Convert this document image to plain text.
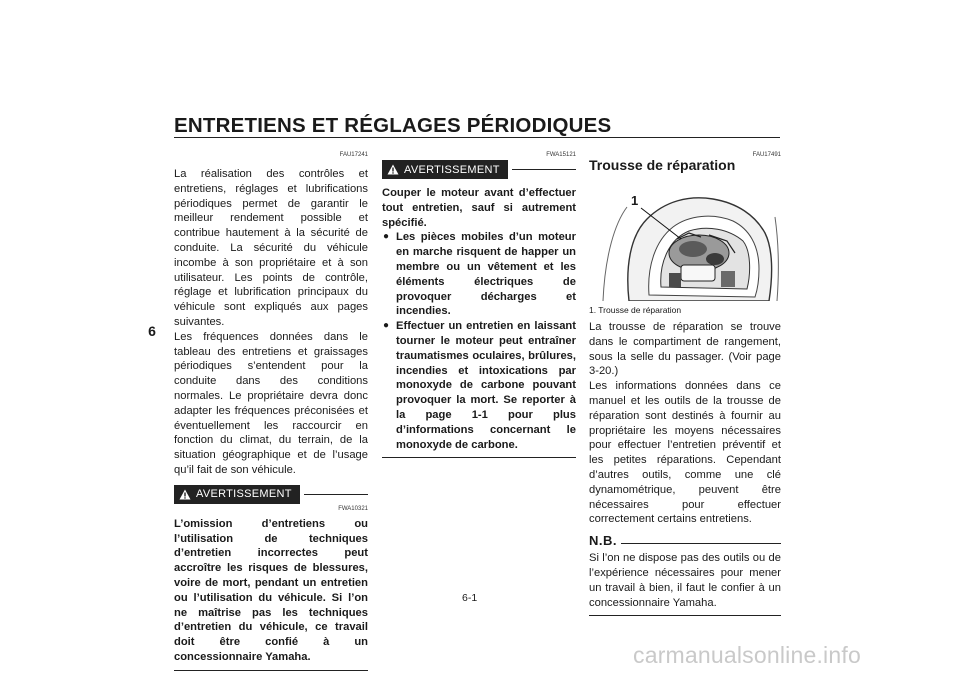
ENTRETIENS ET RÉGLAGES PÉRIODIQUES
6
FAU17241
La réalisation des contrôles et entretiens, réglages et lubrifications périodiques permet de garantir le meilleur rendement possible et contribue hautement à la sécurité de conduite. La sécurité du véhicule incombe à son propriétaire et à son utilisateur. Les points de contrôle, réglage et lubrification principaux du véhicule sont expliqués aux pages suivantes.
Les fréquences données dans le tableau des entretiens et graissages périodiques s’entendent pour la conduite dans des conditions normales. Le propriétaire devra donc adapter les fréquences préconisées et éventuellement les raccourcir en fonction du climat, du terrain, de la situation géographique et de l’usage qu’il fait de son véhicule.
AVERTISSEMENT
FWA10321
L’omission d’entretiens ou l’utilisation de techniques d’entretien incorrectes peut accroître les risques de blessures, voire de mort, pendant un entretien ou l’utilisation du véhicule. Si l’on ne maîtrise pas les techniques d’entretien du véhicule, ce travail doit être confié à un concessionnaire Yamaha.
FWA15121
AVERTISSEMENT
Couper le moteur avant d’effectuer tout entretien, sauf si autrement spécifié.
● Les pièces mobiles d’un moteur en marche risquent de happer un membre ou un vêtement et les éléments électriques de provoquer décharges et incendies.
● Effectuer un entretien en laissant tourner le moteur peut entraîner traumatismes oculaires, brûlures, incendies et intoxications par monoxyde de carbone pouvant provoquer la mort. Se reporter à la page 1-1 pour plus d’informations concernant le monoxyde de carbone.
FAU17491
Trousse de réparation
1
1. Trousse de réparation
La trousse de réparation se trouve dans le compartiment de rangement, sous la selle du passager. (Voir page 3-20.)
Les informations données dans ce manuel et les outils de la trousse de réparation sont destinés à fournir au propriétaire les moyens nécessaires pour effectuer l’entretien préventif et les petites réparations. Cependant d’autres outils, comme une clé dynamométrique, peuvent être nécessaires pour effectuer correctement certains entretiens.
N.B.
Si l’on ne dispose pas des outils ou de l’expérience nécessaires pour mener un travail à bien, il faut le confier à un concessionnaire Yamaha.
6-1
carmanualsonline.info
